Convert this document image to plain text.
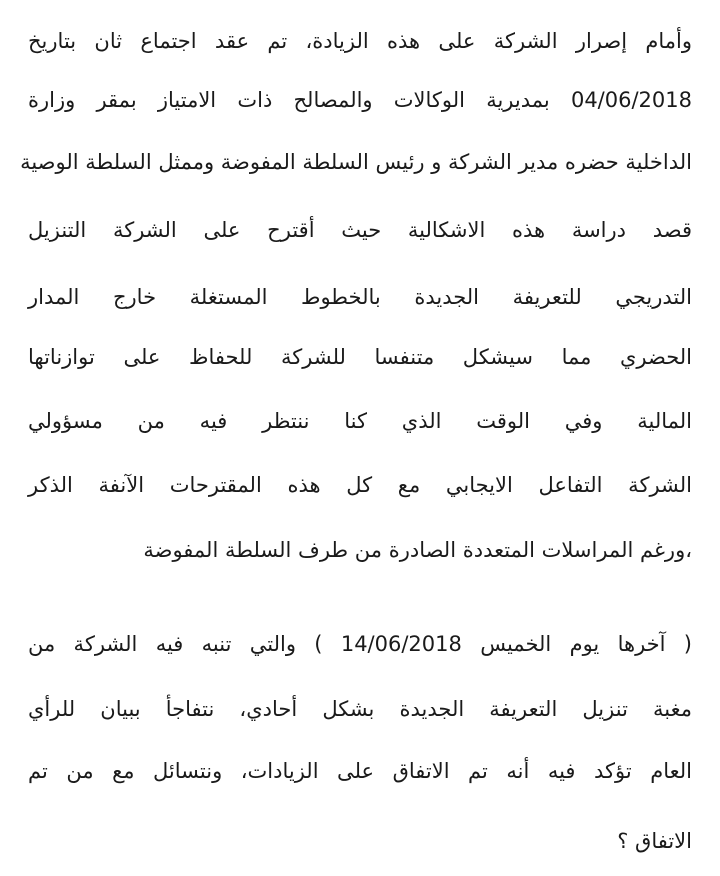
وأمام إصرار الشركة على هذه الزيادة، تم عقد اجتماع ثان بتاريخ
04/06/2018 بمديرية الوكالات والمصالح ذات الامتياز بمقر وزارة
الداخلية حضره مدير الشركة و رئيس السلطة المفوضة وممثل السلطة الوصية
قصد دراسة هذه الاشكالية حيث أقترح على الشركة التنزيل
التدريجي للتعريفة الجديدة بالخطوط المستغلة خارج المدار
الحضري مما سيشكل متنفسا للشركة للحفاظ على توازناتها
المالية وفي الوقت الذي كنا ننتظر فيه من مسؤولي
الشركة التفاعل الايجابي مع كل هذه المقترحات الآنفة الذكر
،ورغم المراسلات المتعددة الصادرة من طرف السلطة المفوضة
( آخرها يوم الخميس 14/06/2018 ) والتي تنبه فيه الشركة من
مغبة تنزيل التعريفة الجديدة بشكل أحادي، نتفاجأ ببيان للرأي
العام تؤكد فيه أنه تم الاتفاق على الزيادات، ونتسائل مع من تم
الاتفاق ؟
